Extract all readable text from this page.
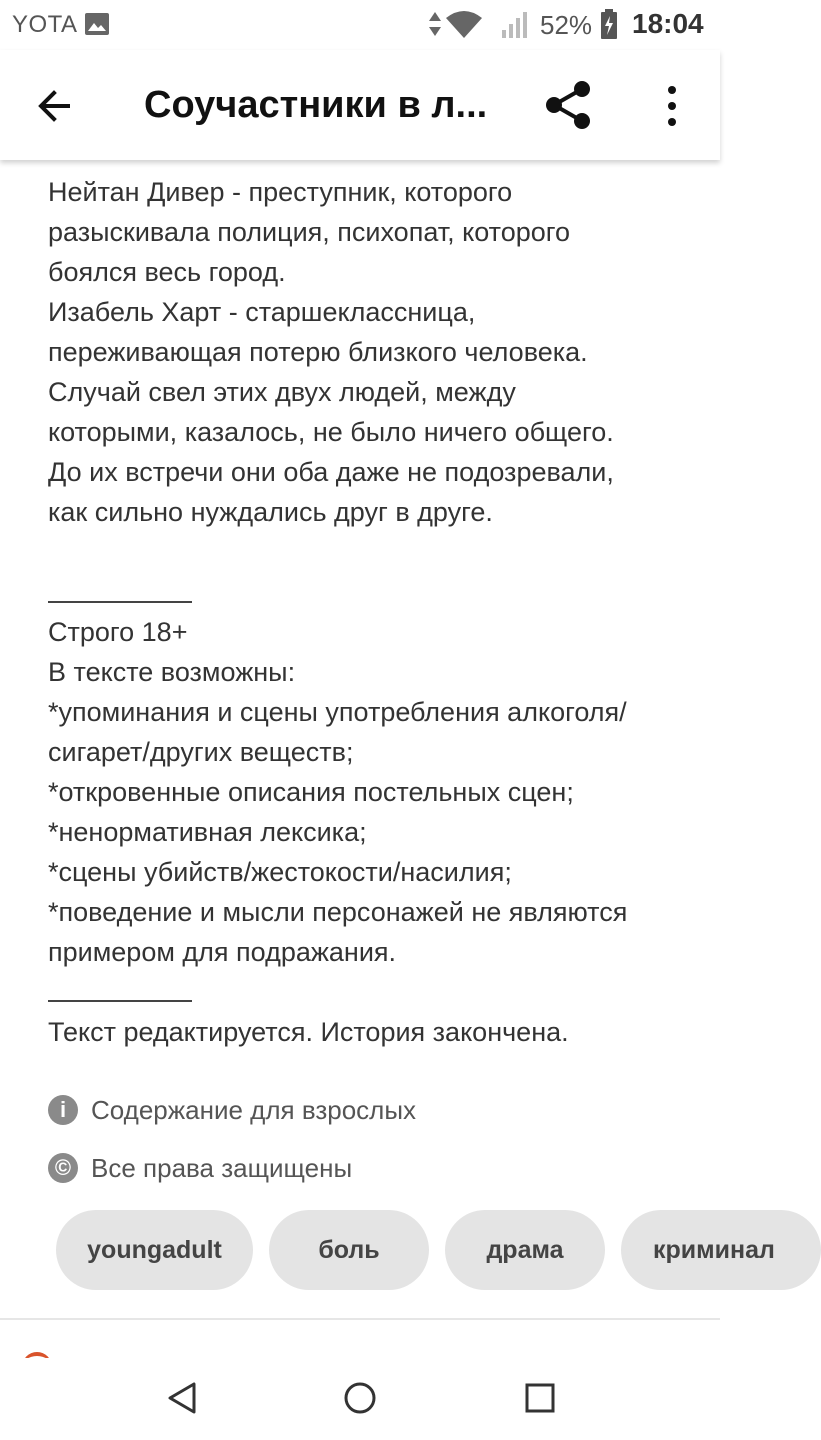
YOTA	52% 18:04
Соучастники в л...
Нейтан Дивер - преступник, которого
разыскивала полиция, психопат, которого
боялся весь город.
Изабель Харт - старшеклассница,
переживающая потерю близкого человека.
Случай свел этих двух людей, между
которыми, казалось, не было ничего общего.
До их встречи они оба даже не подозревали,
как сильно нуждались друг в друге.
Строго 18+
В тексте возможны:
*упоминания и сцены употребления алкоголя/
сигарет/других веществ;
*откровенные описания постельных сцен;
*ненормативная лексика;
*сцены убийств/жестокости/насилия;
*поведение и мысли персонажей не являются
примером для подражания.
Текст редактируется. История закончена.
i Содержание для взрослых
© Все права защищены
youngadult	боль	драма	криминал
